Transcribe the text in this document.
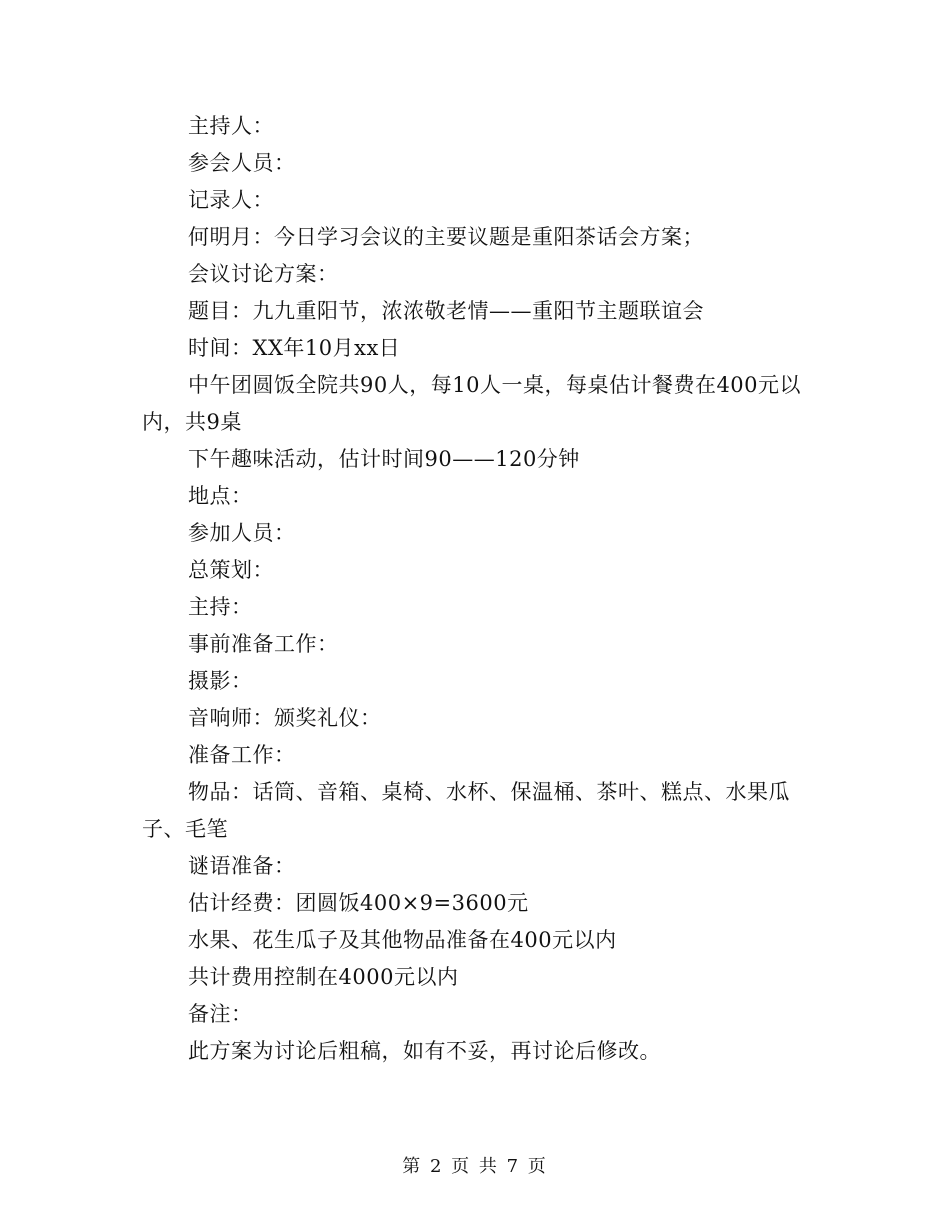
主持人：

参会人员：

记录人：

何明月：今日学习会议的主要议题是重阳茶话会方案；

会议讨论方案：

题目：九九重阳节，浓浓敬老情——重阳节主题联谊会

时间：XX年10月xx日

中午团圆饭全院共90人，每10人一桌，每桌估计餐费在400元以内，共9桌

下午趣味活动，估计时间90——120分钟

地点：

参加人员：

总策划：

主持：

事前准备工作：

摄影：

音响师：颁奖礼仪：

准备工作：

物品：话筒、音箱、桌椅、水杯、保温桶、茶叶、糕点、水果瓜子、毛笔

谜语准备：

估计经费：团圆饭400×9=3600元

水果、花生瓜子及其他物品准备在400元以内

共计费用控制在4000元以内

备注：

此方案为讨论后粗稿，如有不妥，再讨论后修改。

第 2 页 共 7 页
